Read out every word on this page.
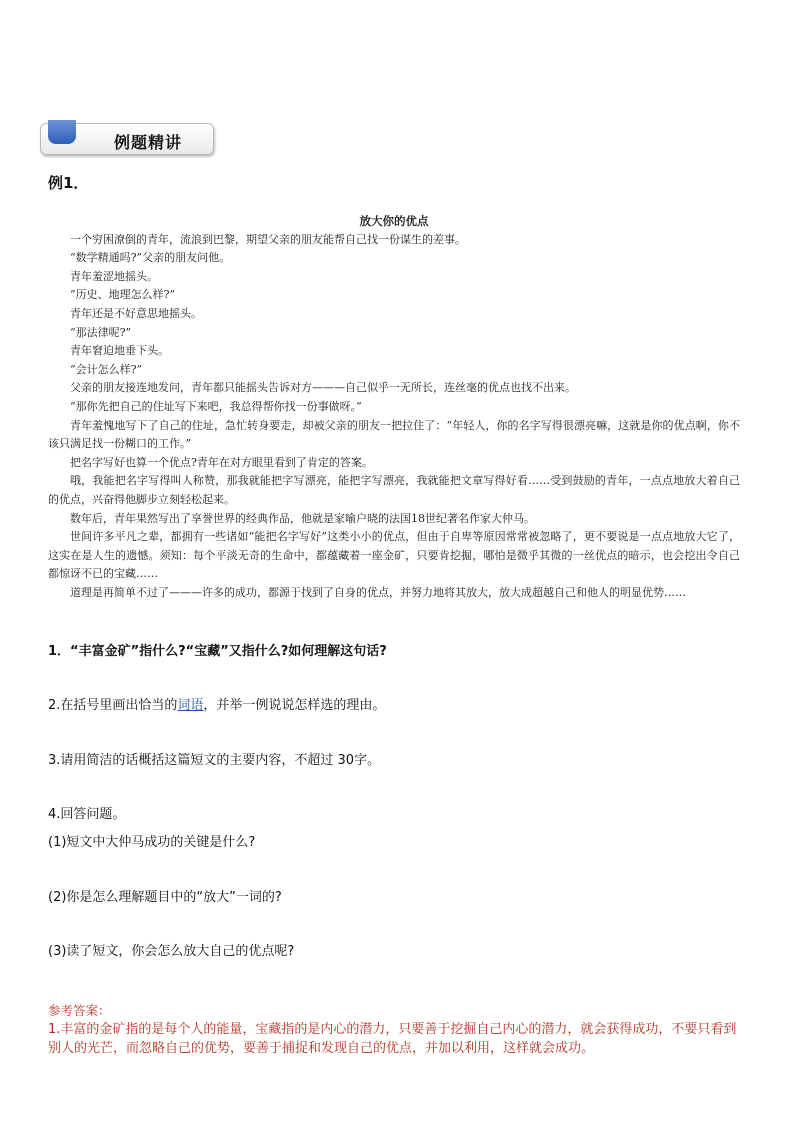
例题精讲
例1．
放大你的优点

一个穷困潦倒的青年，流浪到巴黎，期望父亲的朋友能帮自己找一份谋生的差事。

“数学精通吗?”父亲的朋友问他。

青年羞涩地摇头。

“历史、地理怎么样?”

青年还是不好意思地摇头。

“那法律呢?”

青年窘迫地垂下头。

“会计怎么样?”

父亲的朋友接连地发问，青年都只能摇头告诉对方———自己似乎一无所长，连丝毫的优点也找不出来。

“那你先把自己的住址写下来吧，我总得帮你找一份事做呀。”

青年羞愧地写下了自己的住址，急忙转身要走，却被父亲的朋友一把拉住了：“年轻人，你的名字写得很漂亮嘛，这就是你的优点啊，你不该只满足找一份糊口的工作。”

把名字写好也算一个优点?青年在对方眼里看到了肯定的答案。

哦，我能把名字写得叫人称赞，那我就能把字写漂亮，能把字写漂亮，我就能把文章写得好看……受到鼓励的青年，一点点地放大着自己的优点，兴奋得他脚步立刻轻松起来。

数年后，青年果然写出了享誉世界的经典作品，他就是家喻户晓的法国18世纪著名作家大仲马。

世间许多平凡之辈，都拥有一些诸如“能把名字写好”这类小小的优点，但由于自卑等原因常常被忽略了，更不要说是一点点地放大它了，这实在是人生的遗憾。须知：每个平淡无奇的生命中，都蕴藏着一座金矿，只要肯挖掘，哪怕是微乎其微的一丝优点的暗示，也会挖出令自己都惊讶不已的宝藏……

道理是再简单不过了———许多的成功，都源于找到了自身的优点，并努力地将其放大，放大成超越自己和他人的明显优势……

1．“丰富金矿”指什么?“宝藏”又指什么?如何理解这句话?
2.在括号里画出恰当的词语，并举一例说说怎样选的理由。
3.请用简洁的话概括这篇短文的主要内容，不超过 30字。
4.回答问题。
(1)短文中大仲马成功的关键是什么?
(2)你是怎么理解题目中的“放大”一词的?
(3)读了短文，你会怎么放大自己的优点呢?
参考答案：
1.丰富的金矿指的是每个人的能量，宝藏指的是内心的潜力，只要善于挖掘自己内心的潜力，就会获得成功，不要只看到别人的光芒，而忽略自己的优势，要善于捕捉和发现自己的优点，并加以利用，这样就会成功。
